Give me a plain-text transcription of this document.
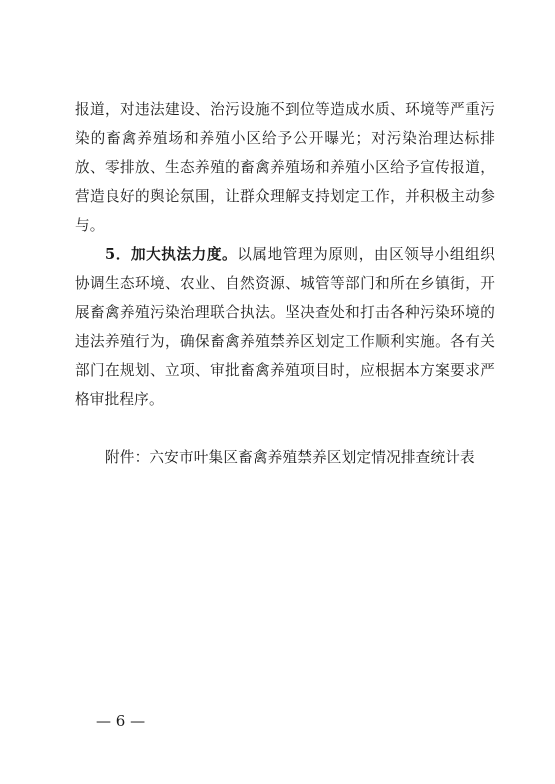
报道，对违法建设、治污设施不到位等造成水质、环境等严重污
染的畜禽养殖场和养殖小区给予公开曝光；对污染治理达标排
放、零排放、生态养殖的畜禽养殖场和养殖小区给予宣传报道，
营造良好的舆论氛围，让群众理解支持划定工作，并积极主动参
与。
5．加大执法力度。以属地管理为原则，由区领导小组组织
协调生态环境、农业、自然资源、城管等部门和所在乡镇街，开
展畜禽养殖污染治理联合执法。坚决查处和打击各种污染环境的
违法养殖行为，确保畜禽养殖禁养区划定工作顺利实施。各有关
部门在规划、立项、审批畜禽养殖项目时，应根据本方案要求严
格审批程序。
附件：六安市叶集区畜禽养殖禁养区划定情况排查统计表
— 6 —
